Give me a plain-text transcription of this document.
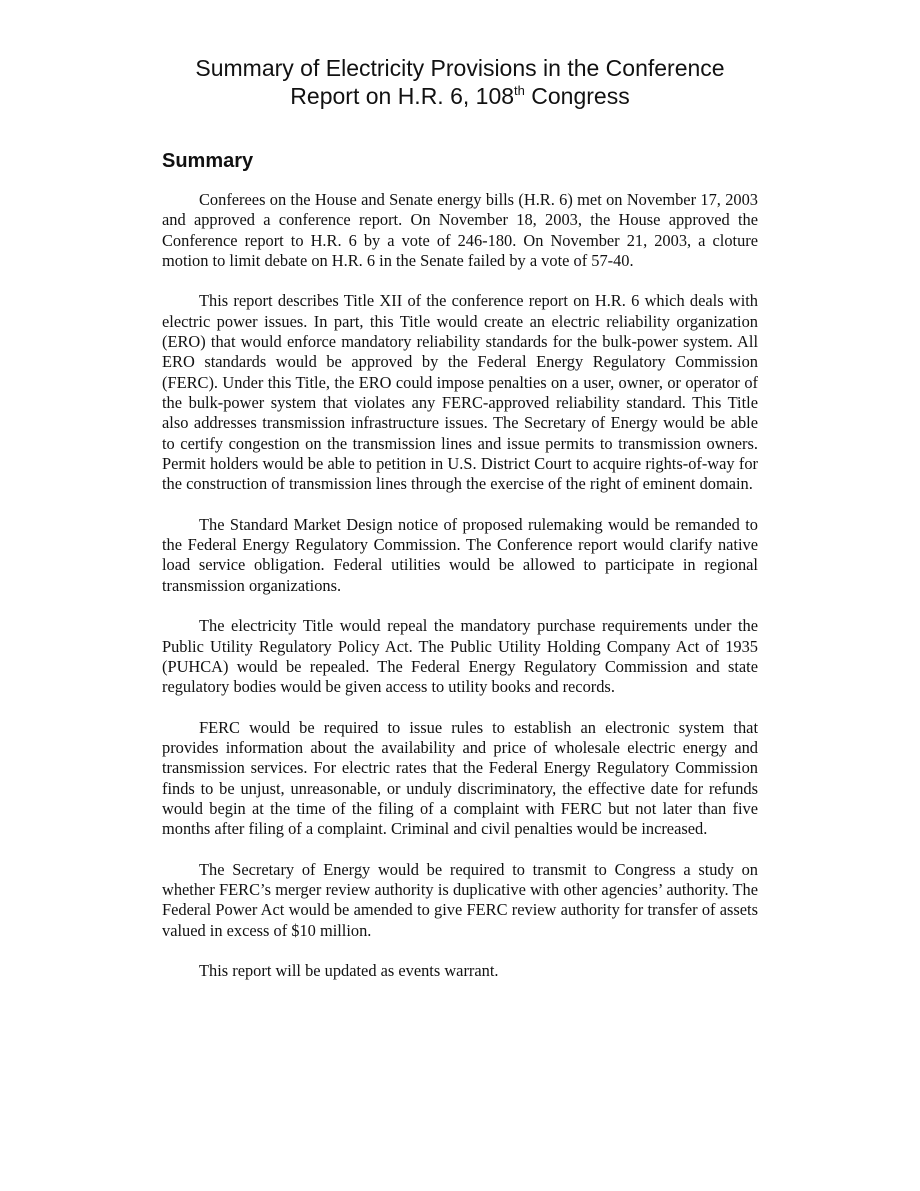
Summary of Electricity Provisions in the Conference
Report on H.R. 6, 108th Congress
Summary

Conferees on the House and Senate energy bills (H.R. 6) met on November 17, 2003 and approved a conference report. On November 18, 2003, the House approved the Conference report to H.R. 6 by a vote of 246-180. On November 21, 2003, a cloture motion to limit debate on H.R. 6 in the Senate failed by a vote of 57-40.

This report describes Title XII of the conference report on H.R. 6 which deals with electric power issues. In part, this Title would create an electric reliability organization (ERO) that would enforce mandatory reliability standards for the bulk-power system. All ERO standards would be approved by the Federal Energy Regulatory Commission (FERC). Under this Title, the ERO could impose penalties on a user, owner, or operator of the bulk-power system that violates any FERC-approved reliability standard. This Title also addresses transmission infrastructure issues. The Secretary of Energy would be able to certify congestion on the transmission lines and issue permits to transmission owners. Permit holders would be able to petition in U.S. District Court to acquire rights-of-way for the construction of transmission lines through the exercise of the right of eminent domain.

The Standard Market Design notice of proposed rulemaking would be remanded to the Federal Energy Regulatory Commission. The Conference report would clarify native load service obligation. Federal utilities would be allowed to participate in regional transmission organizations.

The electricity Title would repeal the mandatory purchase requirements under the Public Utility Regulatory Policy Act. The Public Utility Holding Company Act of 1935 (PUHCA) would be repealed. The Federal Energy Regulatory Commission and state regulatory bodies would be given access to utility books and records.

FERC would be required to issue rules to establish an electronic system that provides information about the availability and price of wholesale electric energy and transmission services. For electric rates that the Federal Energy Regulatory Commission finds to be unjust, unreasonable, or unduly discriminatory, the effective date for refunds would begin at the time of the filing of a complaint with FERC but not later than five months after filing of a complaint. Criminal and civil penalties would be increased.

The Secretary of Energy would be required to transmit to Congress a study on whether FERC’s merger review authority is duplicative with other agencies’ authority. The Federal Power Act would be amended to give FERC review authority for transfer of assets valued in excess of $10 million.

This report will be updated as events warrant.
